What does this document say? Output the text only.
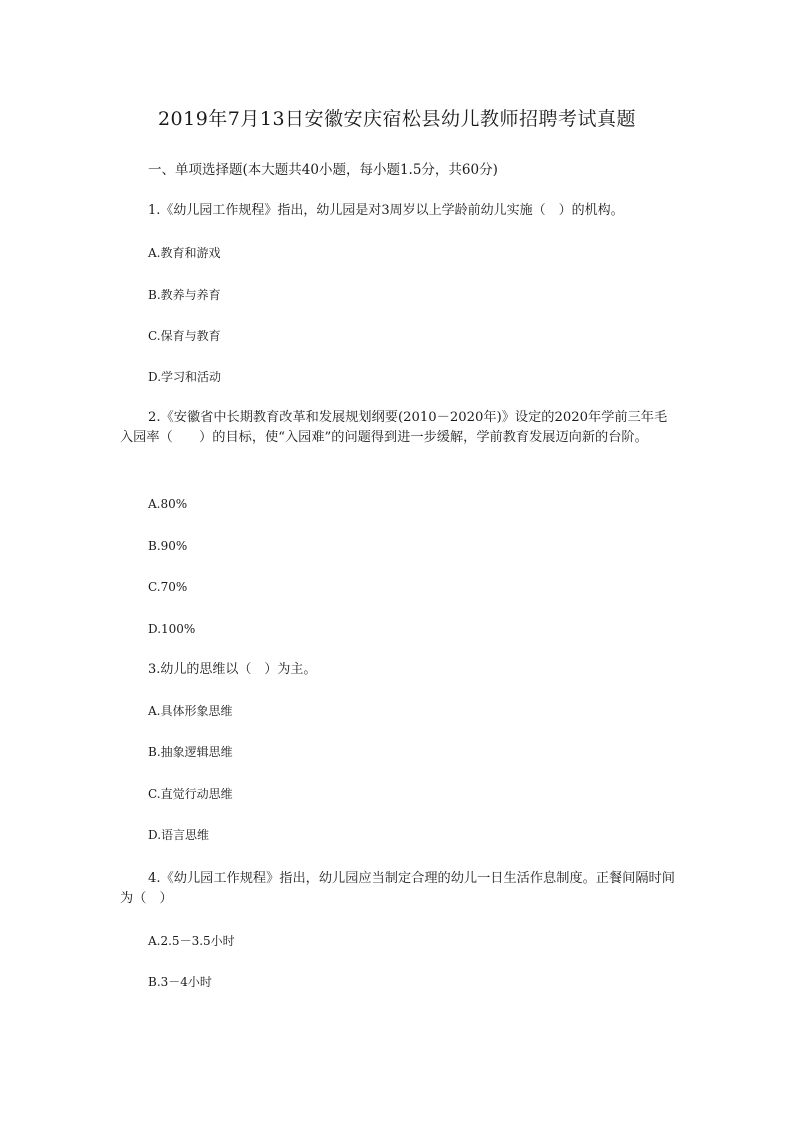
2019年7月13日安徽安庆宿松县幼儿教师招聘考试真题

一、单项选择题(本大题共40小题，每小题1.5分，共60分)

1.《幼儿园工作规程》指出，幼儿园是对3周岁以上学龄前幼儿实施（　）的机构。

A.教育和游戏

B.教养与养育

C.保育与教育

D.学习和活动

2.《安徽省中长期教育改革和发展规划纲要(2010－2020年)》设定的2020年学前三年毛入园率（　　）的目标，使“入园难”的问题得到进一步缓解，学前教育发展迈向新的台阶。

A.80%

B.90%

C.70%

D.100%

3.幼儿的思维以（　）为主。

A.具体形象思维

B.抽象逻辑思维

C.直觉行动思维

D.语言思维

4.《幼儿园工作规程》指出，幼儿园应当制定合理的幼儿一日生活作息制度。正餐间隔时间为（　）

A.2.5－3.5小时

B.3－4小时
